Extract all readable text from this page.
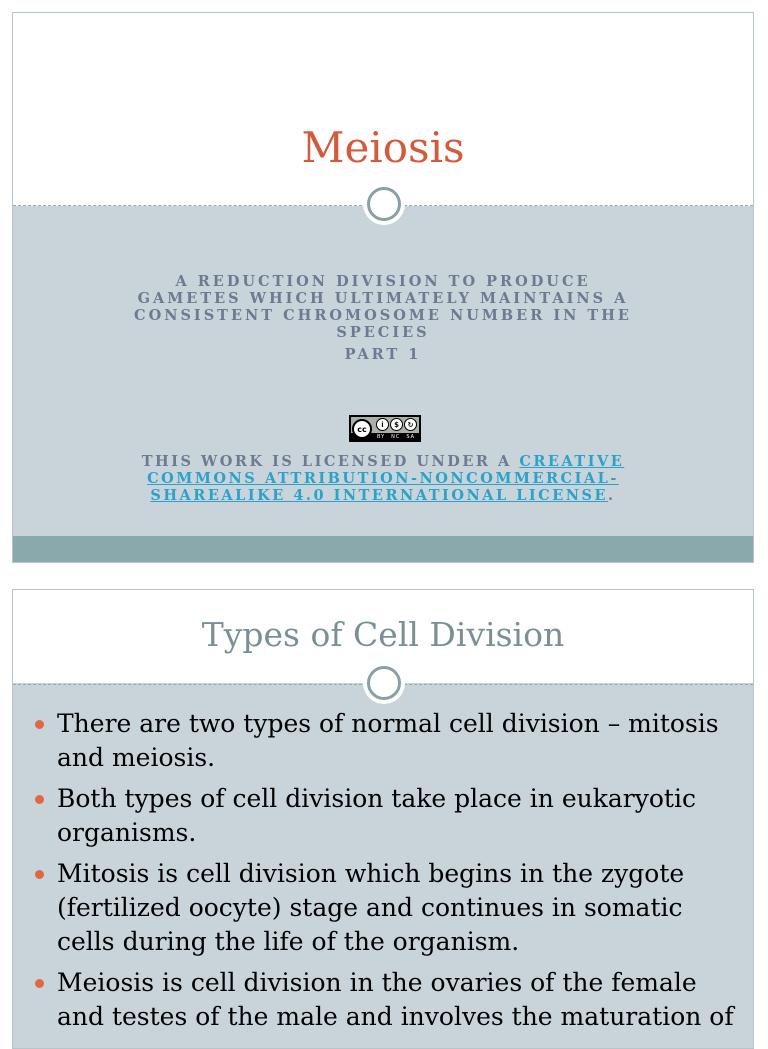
Meiosis
A REDUCTION DIVISION TO PRODUCE GAMETES WHICH ULTIMATELY MAINTAINS A CONSISTENT CHROMOSOME NUMBER IN THE SPECIES
PART 1
cc	i	$	↻
BY NC SA
THIS WORK IS LICENSED UNDER A CREATIVE COMMONS ATTRIBUTION-NONCOMMERCIAL-SHAREALIKE 4.0 INTERNATIONAL LICENSE.
Types of Cell Division
There are two types of normal cell division – mitosis and meiosis.
Both types of cell division take place in eukaryotic organisms.
Mitosis is cell division which begins in the zygote (fertilized oocyte) stage and continues in somatic cells during the life of the organism.
Meiosis is cell division in the ovaries of the female and testes of the male and involves the maturation of
